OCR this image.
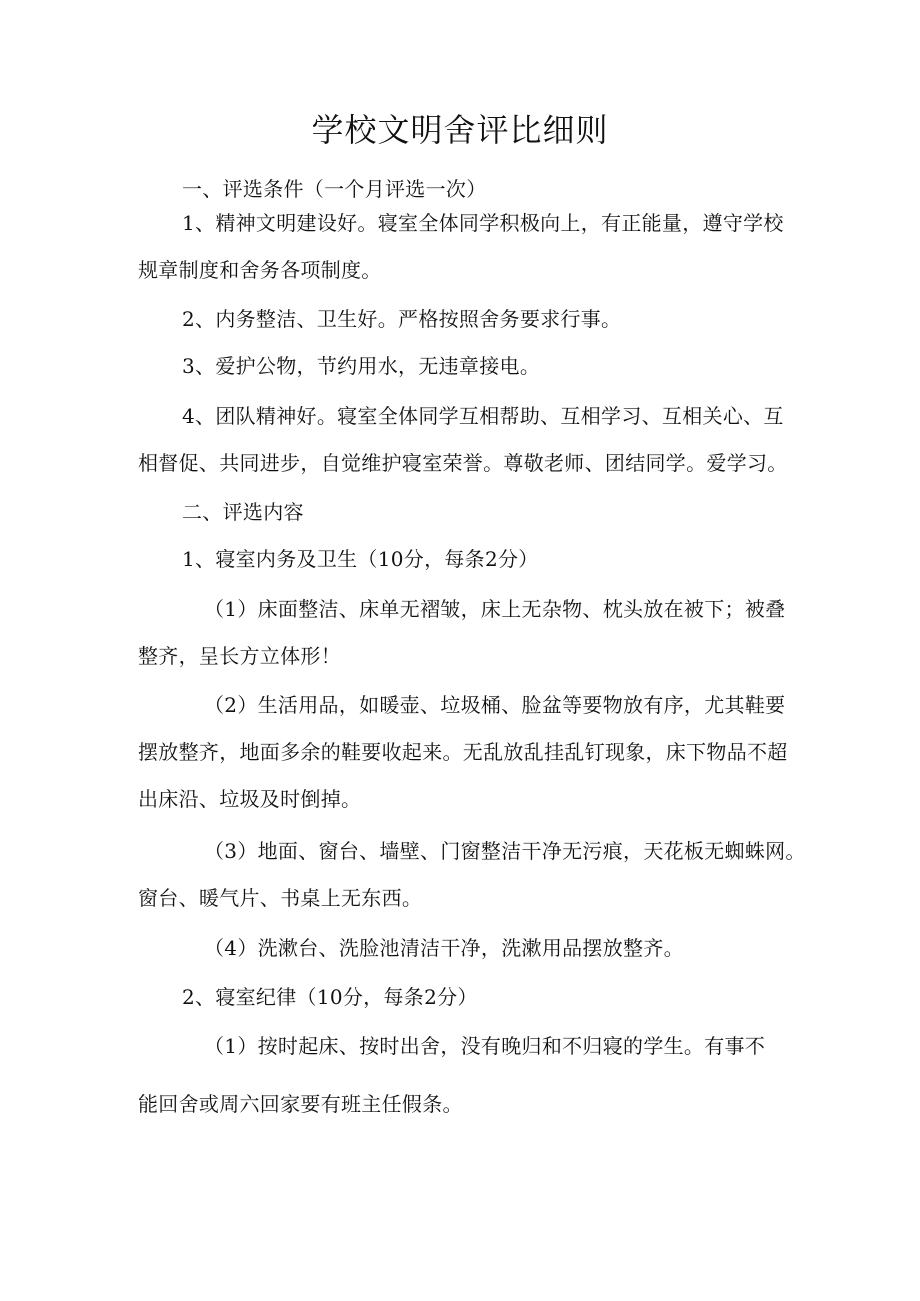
学校文明舍评比细则

一、评选条件（一个月评选一次）

1、精神文明建设好。寝室全体同学积极向上，有正能量，遵守学校规章制度和舍务各项制度。

2、内务整洁、卫生好。严格按照舍务要求行事。

3、爱护公物，节约用水，无违章接电。

4、团队精神好。寝室全体同学互相帮助、互相学习、互相关心、互相督促、共同进步，自觉维护寝室荣誉。尊敬老师、团结同学。爱学习。

二、评选内容

1、寝室内务及卫生（10分，每条2分）

（1）床面整洁、床单无褶皱，床上无杂物、枕头放在被下；被叠整齐，呈长方立体形！

（2）生活用品，如暖壶、垃圾桶、脸盆等要物放有序，尤其鞋要摆放整齐，地面多余的鞋要收起来。无乱放乱挂乱钉现象，床下物品不超出床沿、垃圾及时倒掉。

（3）地面、窗台、墙壁、门窗整洁干净无污痕，天花板无蜘蛛网。窗台、暖气片、书桌上无东西。

（4）洗漱台、洗脸池清洁干净，洗漱用品摆放整齐。

2、寝室纪律（10分，每条2分）

（1）按时起床、按时出舍，没有晚归和不归寝的学生。有事不

能回舍或周六回家要有班主任假条。
